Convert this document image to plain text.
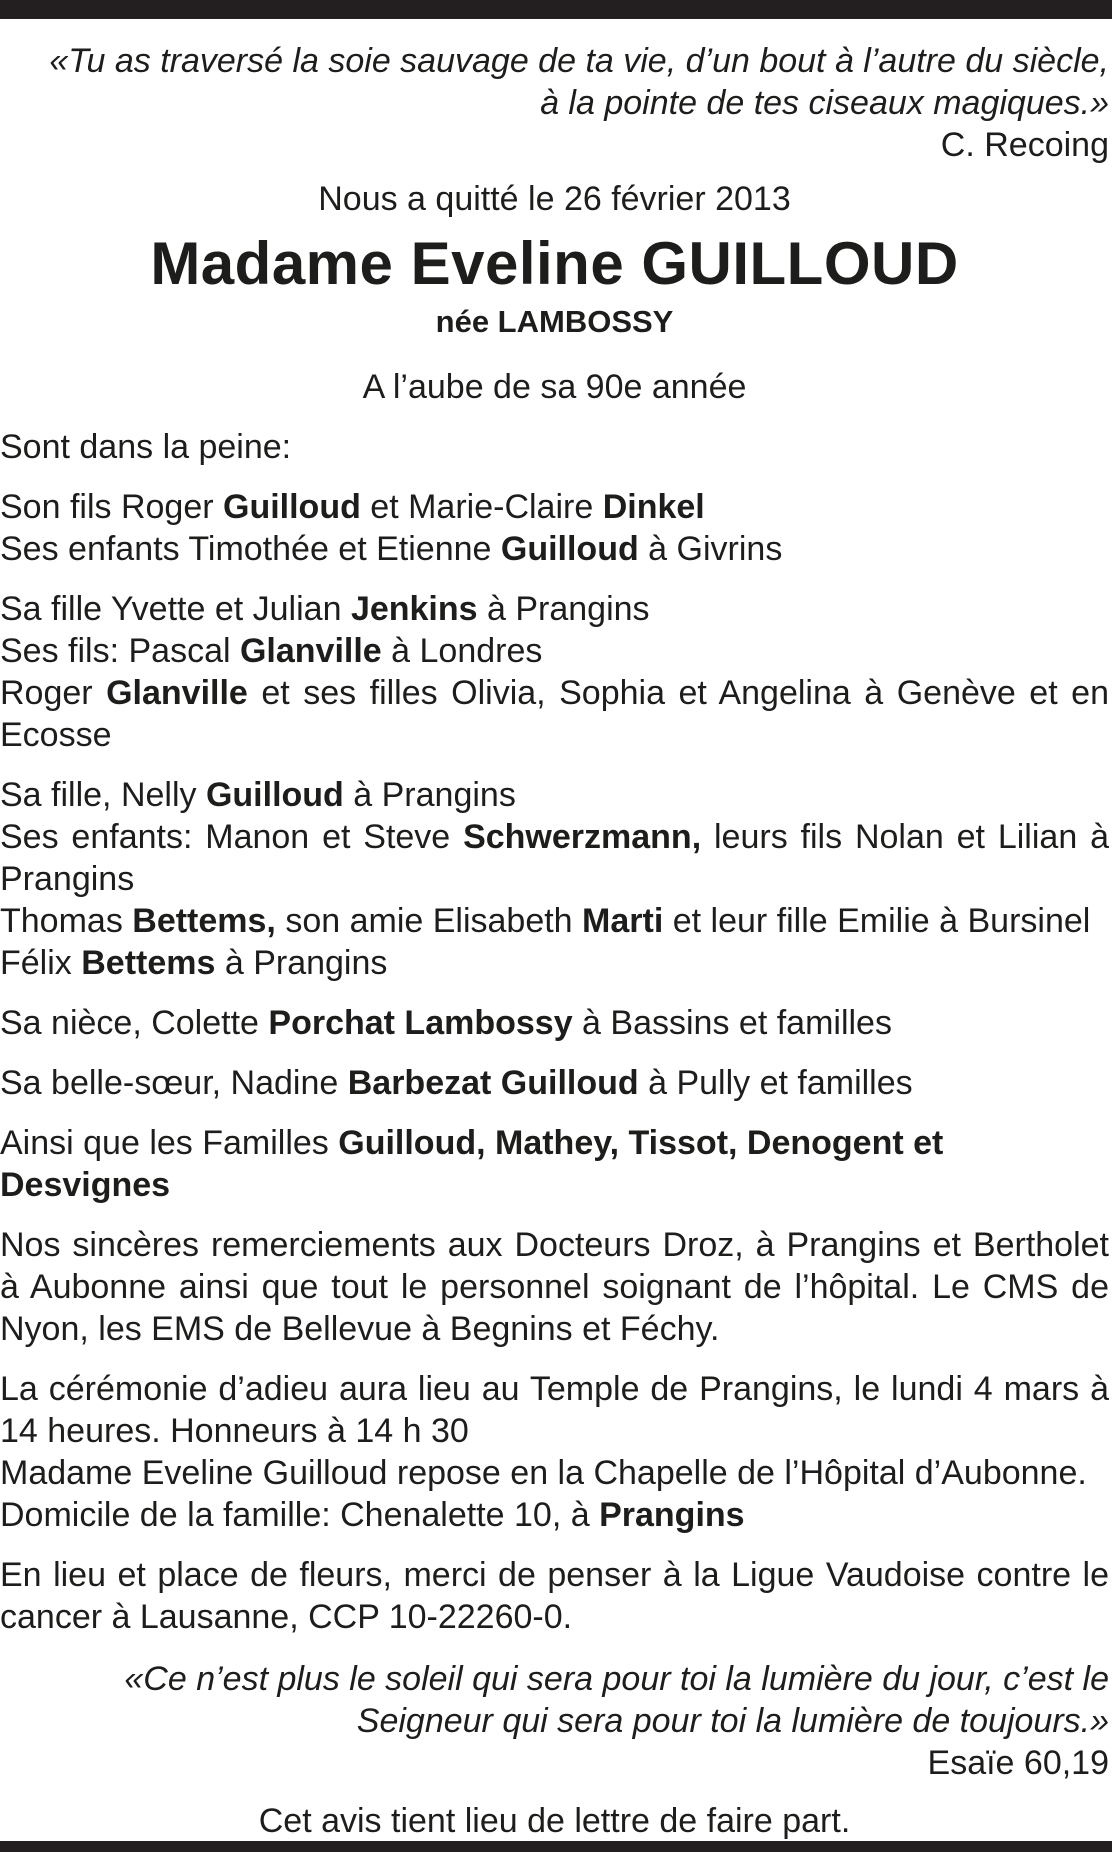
«Tu as traversé la soie sauvage de ta vie, d’un bout à l’autre du siècle,
à la pointe de tes ciseaux magiques.»
C. Recoing
Nous a quitté le 26 février 2013
Madame Eveline GUILLOUD
née LAMBOSSY
A l’aube de sa 90e année
Sont dans la peine:
Son fils Roger Guilloud et Marie-Claire Dinkel
Ses enfants Timothée et Etienne Guilloud à Givrins
Sa fille Yvette et Julian Jenkins à Prangins
Ses fils: Pascal Glanville à Londres
Roger Glanville et ses filles Olivia, Sophia et Angelina à Genève et en Ecosse
Sa fille, Nelly Guilloud à Prangins
Ses enfants: Manon et Steve Schwerzmann, leurs fils Nolan et Lilian à Prangins
Thomas Bettems, son amie Elisabeth Marti et leur fille Emilie à Bursinel
Félix Bettems à Prangins
Sa nièce, Colette Porchat Lambossy à Bassins et familles
Sa belle-sœur, Nadine Barbezat Guilloud à Pully et familles
Ainsi que les Familles Guilloud, Mathey, Tissot, Denogent et Desvignes
Nos sincères remerciements aux Docteurs Droz, à Prangins et Bertholet à Aubonne ainsi que tout le personnel soignant de l’hôpital. Le CMS de Nyon, les EMS de Bellevue à Begnins et Féchy.
La cérémonie d’adieu aura lieu au Temple de Prangins, le lundi 4 mars à 14 heures. Honneurs à 14 h 30
Madame Eveline Guilloud repose en la Chapelle de l’Hôpital d’Aubonne.
Domicile de la famille: Chenalette 10, à Prangins
En lieu et place de fleurs, merci de penser à la Ligue Vaudoise contre le cancer à Lausanne, CCP 10-22260-0.
«Ce n’est plus le soleil qui sera pour toi la lumière du jour, c’est le
Seigneur qui sera pour toi la lumière de toujours.»
Esaïe 60,19
Cet avis tient lieu de lettre de faire part.
